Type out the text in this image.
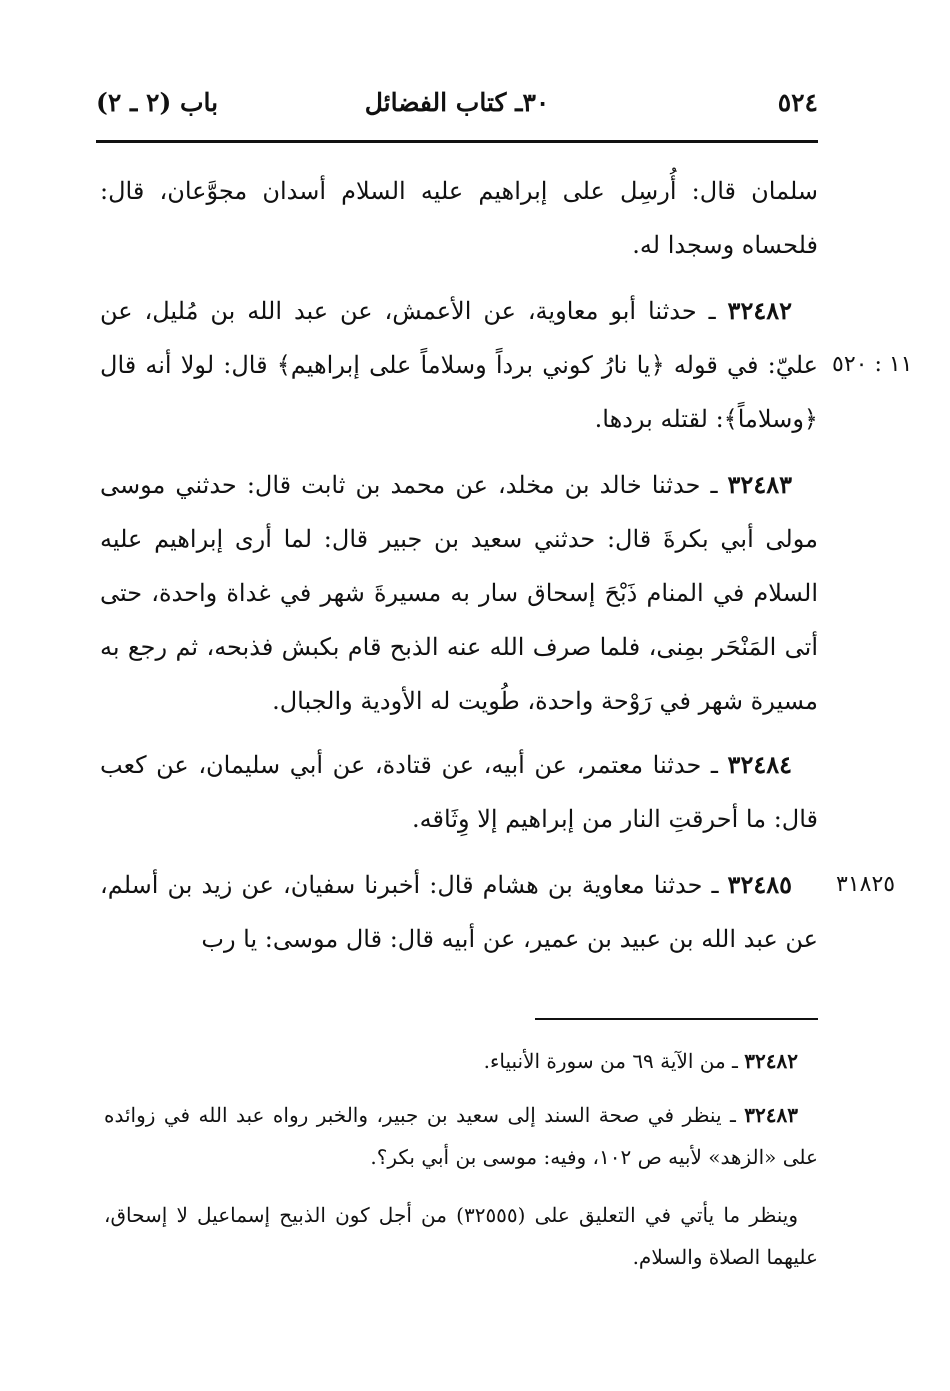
٥٢٤
٣٠ـ كتاب الفضائل
باب (٢ ـ ٢)
سلمان قال: أُرسِل على إبراهيم عليه السلام أسدان مجوَّعان، قال: فلحساه وسجدا له.
٣٢٤٨٢ ـ حدثنا أبو معاوية، عن الأعمش، عن عبد الله بن مُليل، عن عليّ: في قوله ﴿يا نارُ كوني برداً وسلاماً على إبراهيم﴾ قال: لولا أنه قال ﴿وسلاماً﴾: لقتله بردها.
١١ : ٥٢٠
٣٢٤٨٣ ـ حدثنا خالد بن مخلد، عن محمد بن ثابت قال: حدثني موسى مولى أبي بكرةَ قال: حدثني سعيد بن جبير قال: لما أرى إبراهيم عليه السلام في المنام ذَبْحَ إسحاق سار به مسيرةَ شهر في غداة واحدة، حتى أتى المَنْحَر بمِنى، فلما صرف الله عنه الذبح قام بكبش فذبحه، ثم رجع به مسيرة شهر في رَوْحة واحدة، طُويت له الأودية والجبال.
٣٢٤٨٤ ـ حدثنا معتمر، عن أبيه، عن قتادة، عن أبي سليمان، عن كعب قال: ما أحرقتِ النار من إبراهيم إلا وِثَاقه.
٣٢٤٨٥ ـ حدثنا معاوية بن هشام قال: أخبرنا سفيان، عن زيد بن أسلم، عن عبد الله بن عبيد بن عمير، عن أبيه قال: قال موسى: يا رب
٣١٨٢٥
٣٢٤٨٢ ـ من الآية ٦٩ من سورة الأنبياء.
٣٢٤٨٣ ـ ينظر في صحة السند إلى سعيد بن جبير، والخبر رواه عبد الله في زوائده على «الزهد» لأبيه ص ١٠٢، وفيه: موسى بن أبي بكر؟.
وينظر ما يأتي في التعليق على (٣٢٥٥٥) من أجل كون الذبيح إسماعيل لا إسحاق، عليهما الصلاة والسلام.
